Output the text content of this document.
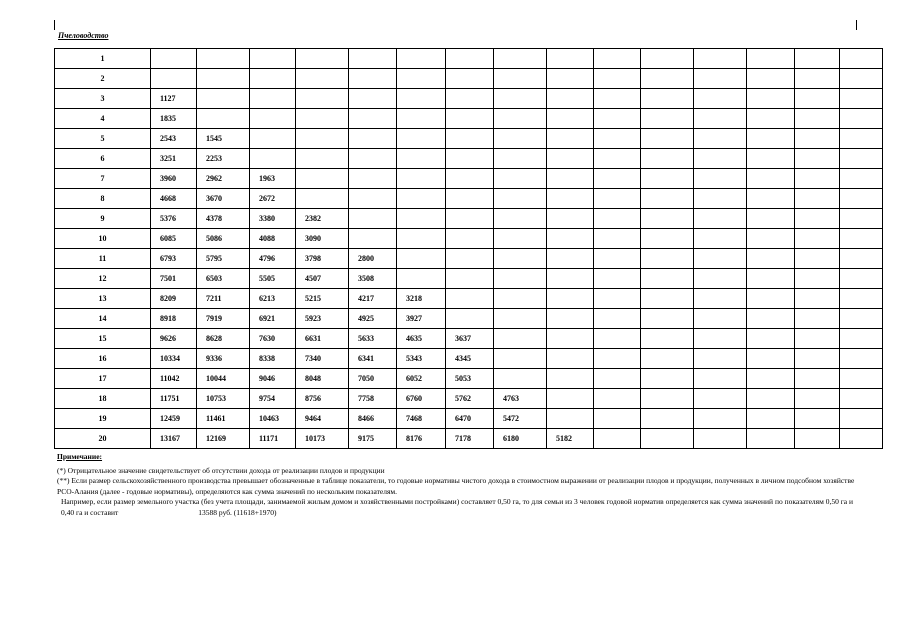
Пчеловодство
1															
2															
3	1127														
4	1835														
5	2543	1545													
6	3251	2253													
7	3960	2962	1963												
8	4668	3670	2672												
9	5376	4378	3380	2382											
10	6085	5086	4088	3090											
11	6793	5795	4796	3798	2800										
12	7501	6503	5505	4507	3508										
13	8209	7211	6213	5215	4217	3218									
14	8918	7919	6921	5923	4925	3927									
15	9626	8628	7630	6631	5633	4635	3637								
16	10334	9336	8338	7340	6341	5343	4345								
17	11042	10044	9046	8048	7050	6052	5053								
18	11751	10753	9754	8756	7758	6760	5762	4763							
19	12459	11461	10463	9464	8466	7468	6470	5472							
20	13167	12169	11171	10173	9175	8176	7178	6180	5182						
Примечание:

(*) Отрицательное значение свидетельствует об отсутствии дохода от реализации плодов и продукции

(**) Если размер сельскохозяйственного производства превышает обозначенные в таблице показатели, то годовые нормативы чистого дохода в стоимостном выражении от реализации плодов и продукции, полученных в личном подсобном хозяйстве РСО-Алания (далее - годовые нормативы), определяются как сумма значений по нескольким показателям.

Например, если размер земельного участка (без учета площади, занимаемой жилым домом и хозяйственными постройками) составляет 0,50 га, то для семьи из 3 человек годовой норматив определяется как сумма значений по показателям 0,50 га и 0,40 га и составит	13588 руб. (11618+1970)
